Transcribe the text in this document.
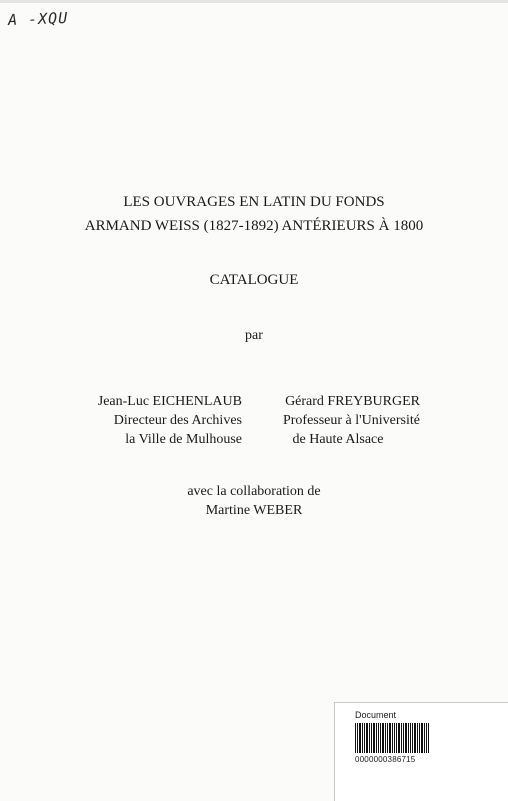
A -XQU
LES OUVRAGES EN LATIN DU FONDS
ARMAND WEISS (1827-1892) ANTÉRIEURS À 1800
CATALOGUE
par
Jean-Luc EICHENLAUB
Directeur des Archives
la Ville de Mulhouse
Gérard FREYBURGER
Professeur à l'Université
de Haute Alsace
avec la collaboration de
Martine WEBER
Document
0000000386715
